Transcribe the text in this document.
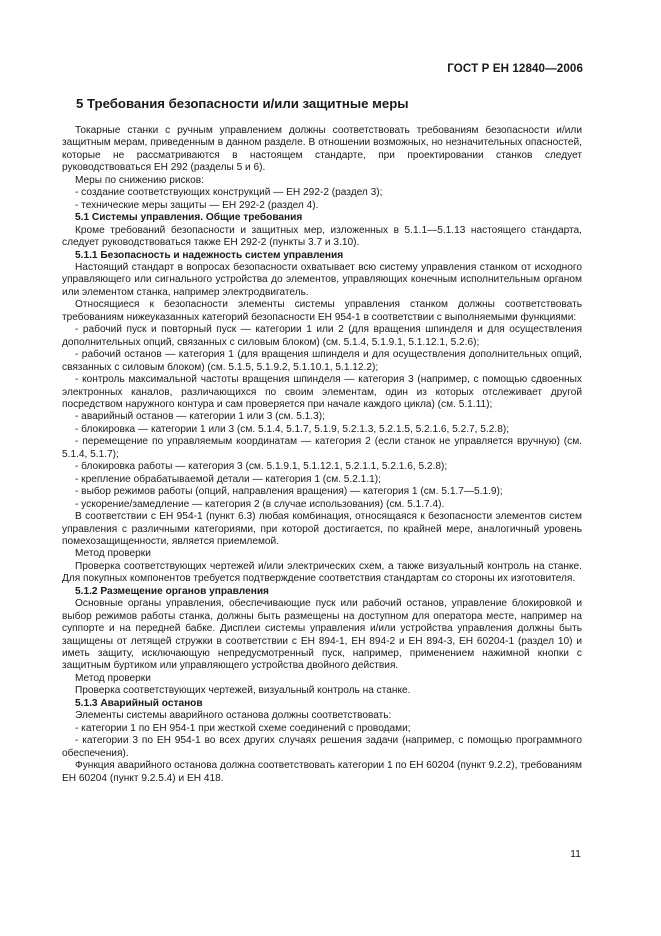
ГОСТ Р ЕН 12840—2006
5 Требования безопасности и/или защитные меры

Токарные станки с ручным управлением должны соответствовать требованиям безопасности и/или защитным мерам, приведенным в данном разделе. В отношении возможных, но незначительных опасностей, которые не рассматриваются в настоящем стандарте, при проектировании станков следует руководствоваться ЕН 292 (разделы 5 и 6).

Меры по снижению рисков:

- создание соответствующих конструкций — ЕН 292-2 (раздел 3);

- технические меры защиты — ЕН 292-2 (раздел 4).

5.1 Системы управления. Общие требования

Кроме требований безопасности и защитных мер, изложенных в 5.1.1—5.1.13 настоящего стандарта, следует руководствоваться также ЕН 292-2 (пункты 3.7 и 3.10).

5.1.1 Безопасность и надежность систем управления

Настоящий стандарт в вопросах безопасности охватывает всю систему управления станком от исходного управляющего или сигнального устройства до элементов, управляющих конечным исполнительным органом или элементом станка, например электродвигатель.

Относящиеся к безопасности элементы системы управления станком должны соответствовать требованиям нижеуказанных категорий безопасности ЕН 954-1 в соответствии с выполняемыми функциями:

- рабочий пуск и повторный пуск — категории 1 или 2 (для вращения шпинделя и для осуществления дополнительных опций, связанных с силовым блоком) (см. 5.1.4, 5.1.9.1, 5.1.12.1, 5.2.6);

- рабочий останов — категория 1 (для вращения шпинделя и для осуществления дополнительных опций, связанных с силовым блоком) (см. 5.1.5, 5.1.9.2, 5.1.10.1, 5.1.12.2);

- контроль максимальной частоты вращения шпинделя — категория 3 (например, с помощью сдвоенных электронных каналов, различающихся по своим элементам, один из которых отслеживает другой посредством наружного контура и сам проверяется при начале каждого цикла) (см. 5.1.11);

- аварийный останов — категории 1 или 3 (см. 5.1.3);

- блокировка — категории 1 или 3 (см. 5.1.4, 5.1.7, 5.1.9, 5.2.1.3, 5.2.1.5, 5.2.1.6, 5.2.7, 5.2.8);

- перемещение по управляемым координатам — категория 2 (если станок не управляется вручную) (см. 5.1.4, 5.1.7);

- блокировка работы — категория 3 (см. 5.1.9.1, 5.1.12.1, 5.2.1.1, 5.2.1.6, 5.2.8);

- крепление обрабатываемой детали — категория 1 (см. 5.2.1.1);

- выбор режимов работы (опций, направления вращения) — категория 1 (см. 5.1.7—5.1.9);

- ускорение/замедление — категория 2 (в случае использования) (см. 5.1.7.4).

В соответствии с ЕН 954-1 (пункт 6.3) любая комбинация, относящаяся к безопасности элементов систем управления с различными категориями, при которой достигается, по крайней мере, аналогичный уровень помехозащищенности, является приемлемой.

Метод проверки

Проверка соответствующих чертежей и/или электрических схем, а также визуальный контроль на станке. Для покупных компонентов требуется подтверждение соответствия стандартам со стороны их изготовителя.

5.1.2 Размещение органов управления

Основные органы управления, обеспечивающие пуск или рабочий останов, управление блокировкой и выбор режимов работы станка, должны быть размещены на доступном для оператора месте, например на суппорте и на передней бабке. Дисплеи системы управления и/или устройства управления должны быть защищены от летящей стружки в соответствии с ЕН 894-1, ЕН 894-2 и ЕН 894-3, ЕН 60204-1 (раздел 10) и иметь защиту, исключающую непредусмотренный пуск, например, применением нажимной кнопки с защитным буртиком или управляющего устройства двойного действия.

Метод проверки

Проверка соответствующих чертежей, визуальный контроль на станке.

5.1.3 Аварийный останов

Элементы системы аварийного останова должны соответствовать:

- категории 1 по ЕН 954-1 при жесткой схеме соединений с проводами;

- категории 3 по ЕН 954-1 во всех других случаях решения задачи (например, с помощью программного обеспечения).

Функция аварийного останова должна соответствовать категории 1 по ЕН 60204 (пункт 9.2.2), требованиям ЕН 60204 (пункт 9.2.5.4) и ЕН 418.

11
